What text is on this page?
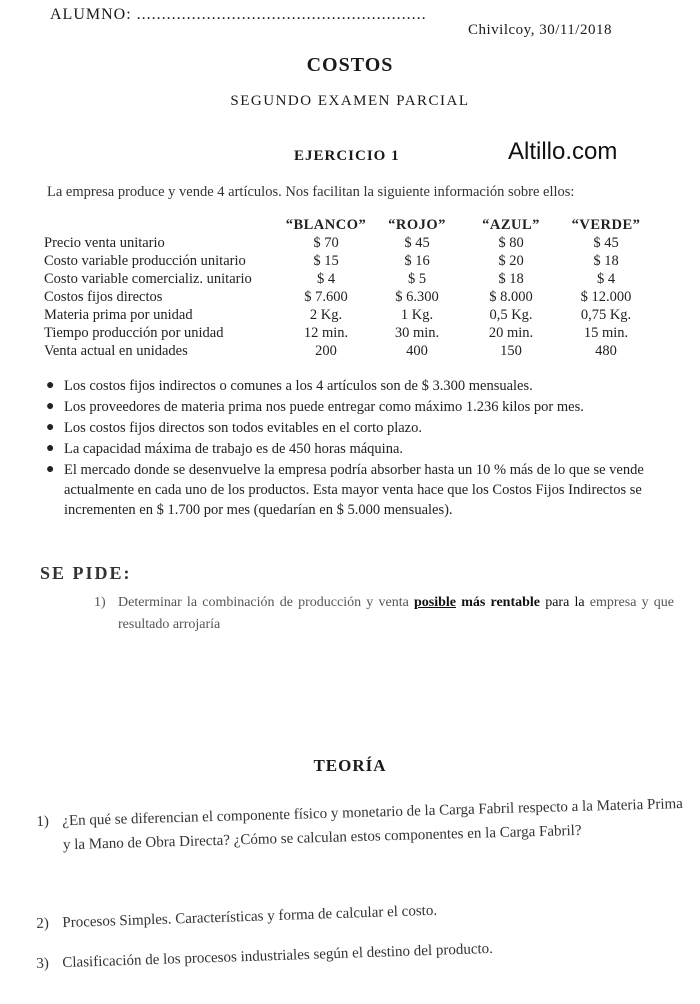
ALUMNO: ..........................................................
Chivilcoy, 30/11/2018
COSTOS
SEGUNDO EXAMEN PARCIAL
EJERCICIO 1	Altillo.com
La empresa produce y vende 4 artículos. Nos facilitan la siguiente información sobre ellos:
	“BLANCO”	“ROJO”	“AZUL”	“VERDE”
Precio venta unitario	$ 70	$ 45	$ 80	$ 45
Costo variable producción unitario	$ 15	$ 16	$ 20	$ 18
Costo variable comercializ. unitario	$ 4	$ 5	$ 18	$ 4
Costos fijos directos	$ 7.600	$ 6.300	$ 8.000	$ 12.000
Materia prima por unidad	2 Kg.	1 Kg.	0,5 Kg.	0,75 Kg.
Tiempo producción por unidad	12 min.	30 min.	20 min.	15 min.
Venta actual en unidades	200	400	150	480
● Los costos fijos indirectos o comunes a los 4 artículos son de $ 3.300 mensuales.
● Los proveedores de materia prima nos puede entregar como máximo 1.236 kilos por mes.
● Los costos fijos directos son todos evitables en el corto plazo.
● La capacidad máxima de trabajo es de 450 horas máquina.
● El mercado donde se desenvuelve la empresa podría absorber hasta un 10 % más de lo que se vende actualmente en cada uno de los productos. Esta mayor venta hace que los Costos Fijos Indirectos se incrementen en $ 1.700 por mes (quedarían en $ 5.000 mensuales).
SE PIDE:
1) Determinar la combinación de producción y venta posible más rentable para la empresa y que resultado arrojaría
TEORÍA
1) ¿En qué se diferencian el componente físico y monetario de la Carga Fabril respecto a la Materia Prima y la Mano de Obra Directa? ¿Cómo se calculan estos componentes en la Carga Fabril?
2) Procesos Simples. Características y forma de calcular el costo.
3) Clasificación de los procesos industriales según el destino del producto.
